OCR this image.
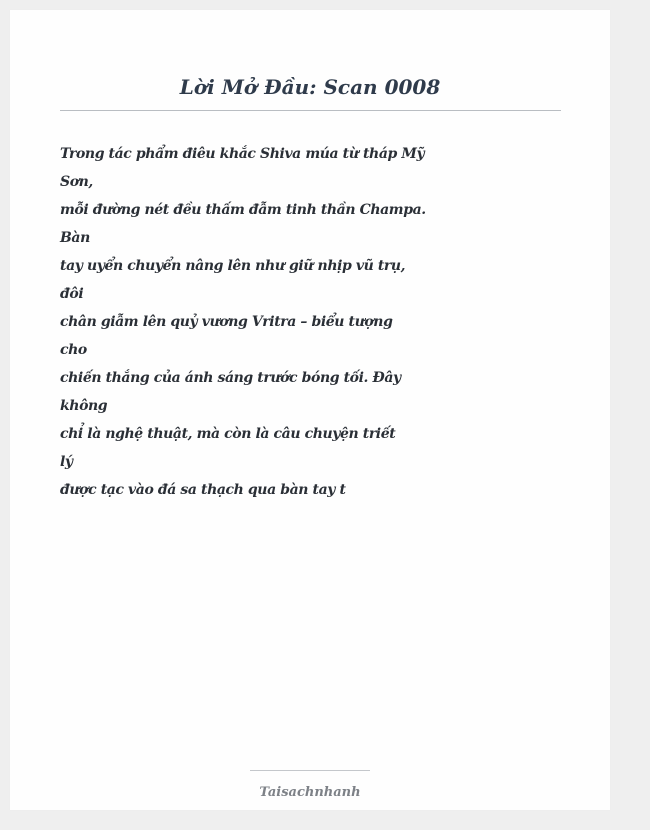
Lời Mở Đầu: Scan 0008
Trong tác phẩm điêu khắc Shiva múa từ tháp Mỹ
Sơn,
mỗi đường nét đều thấm đẫm tinh thần Champa.
Bàn
tay uyển chuyển nâng lên như giữ nhịp vũ trụ,
đôi
chân giẫm lên quỷ vương Vritra – biểu tượng
cho
chiến thắng của ánh sáng trước bóng tối. Đây
không
chỉ là nghệ thuật, mà còn là câu chuyện triết
lý
được tạc vào đá sa thạch qua bàn tay t
Taisachnhanh
